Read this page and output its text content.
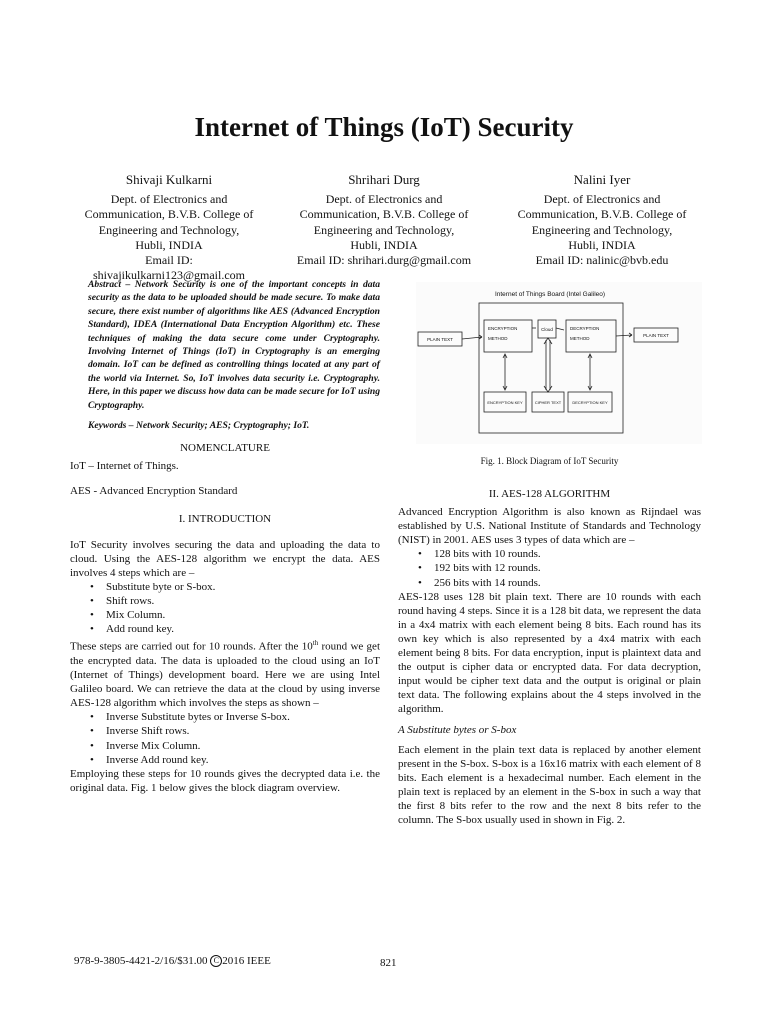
Internet of Things (IoT) Security
Shivaji Kulkarni
Dept. of Electronics and
Communication, B.V.B. College of
Engineering and Technology,
Hubli, INDIA
Email ID:
shivajikulkarni123@gmail.com
Shrihari Durg
Dept. of Electronics and
Communication, B.V.B. College of
Engineering and Technology,
Hubli, INDIA
Email ID: shrihari.durg@gmail.com
Nalini Iyer
Dept. of Electronics and
Communication, B.V.B. College of
Engineering and Technology,
Hubli, INDIA
Email ID: nalinic@bvb.edu

Abstract – Network Security is one of the important concepts in data security as the data to be uploaded should be made secure. To make data secure, there exist number of algorithms like AES (Advanced Encryption Standard), IDEA (International Data Encryption Algorithm) etc. These techniques of making the data secure come under Cryptography. Involving Internet of Things (IoT) in Cryptography is an emerging domain. IoT can be defined as controlling things located at any part of the world via Internet. So, IoT involves data security i.e. Cryptography. Here, in this paper we discuss how data can be made secure for IoT using Cryptography.

Keywords – Network Security; AES; Cryptography; IoT.

NOMENCLATURE

IoT – Internet of Things.

AES - Advanced Encryption Standard

I. INTRODUCTION

IoT Security involves securing the data and uploading the data to cloud. Using the AES-128 algorithm we encrypt the data. AES involves 4 steps which are –

• Substitute byte or S-box.
• Shift rows.
• Mix Column.
• Add round key.

These steps are carried out for 10 rounds. After the 10th round we get the encrypted data. The data is uploaded to the cloud using an IoT (Internet of Things) development board. Here we are using Intel Galileo board. We can retrieve the data at the cloud by using inverse AES-128 algorithm which involves the steps as shown –

• Inverse Substitute bytes or Inverse S-box.
• Inverse Shift rows.
• Inverse Mix Column.
• Inverse Add round key.

Employing these steps for 10 rounds gives the decrypted data i.e. the original data. Fig. 1 below gives the block diagram overview.

Internet of Things Board (Intel Galileo)
PLAIN TEXT
ENCRYPTION
METHOD
Cloud	DECRYPTION
METHOD
PLAIN TEXT
ENCRYPTION KEY	CIPHER TEXT	DECRYPTION KEY
Fig. 1. Block Diagram of IoT Security

II. AES-128 ALGORITHM

Advanced Encryption Algorithm is also known as Rijndael was established by U.S. National Institute of Standards and Technology (NIST) in 2001. AES uses 3 types of data which are –

• 128 bits with 10 rounds.
• 192 bits with 12 rounds.
• 256 bits with 14 rounds.

AES-128 uses 128 bit plain text. There are 10 rounds with each round having 4 steps. Since it is a 128 bit data, we represent the data in a 4x4 matrix with each element being 8 bits. Each round has its own key which is also represented by a 4x4 matrix with each element being 8 bits. For data encryption, input is plaintext data and the output is cipher data or encrypted data. For data decryption, input would be cipher text data and the output is original or plain text data. The following explains about the 4 steps involved in the algorithm.

A Substitute bytes or S-box

Each element in the plain text data is replaced by another element present in the S-box. S-box is a 16x16 matrix with each element of 8 bits. Each element is a hexadecimal number. Each element in the plain text is replaced by an element in the S-box in such a way that the first 8 bits refer to the row and the next 8 bits refer to the column. The S-box usually used in shown in Fig. 2.

978-9-3805-4421-2/16/$31.00 C 2016 IEEE	821
